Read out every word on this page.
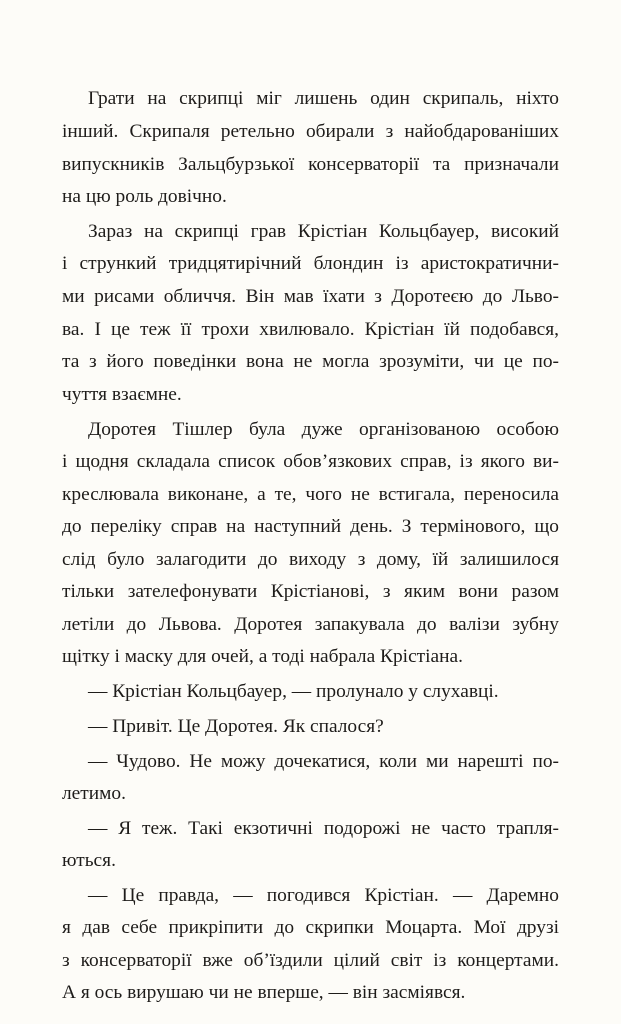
Грати на скрипці міг лишень один скрипаль, ніхто
інший. Скрипаля ретельно обирали з найобдарованіших
випускників Зальцбурзької консерваторії та призначали
на цю роль довічно.
Зараз на скрипці грав Крістіан Кольцбауер, високий
і стрункий тридцятирічний блондин із аристократични-
ми рисами обличчя. Він мав їхати з Доротеєю до Льво-
ва. І це теж її трохи хвилювало. Крістіан їй подобався,
та з його поведінки вона не могла зрозуміти, чи це по-
чуття взаємне.
Доротея Тішлер була дуже організованою особою
і щодня складала список обов’язкових справ, із якого ви-
креслювала виконане, а те, чого не встигала, переносила
до переліку справ на наступний день. З термінового, що
слід було залагодити до виходу з дому, їй залишилося
тільки зателефонувати Крістіанові, з яким вони разом
летіли до Львова. Доротея запакувала до валізи зубну
щітку і маску для очей, а тоді набрала Крістіана.
— Крістіан Кольцбауер, — пролунало у слухавці.
— Привіт. Це Доротея. Як спалося?
— Чудово. Не можу дочекатися, коли ми нарешті по-
летимо.
— Я теж. Такі екзотичні подорожі не часто трапля-
ються.
— Це правда, — погодився Крістіан. — Даремно
я дав себе прикріпити до скрипки Моцарта. Мої друзі
з консерваторії вже об’їздили цілий світ із концертами.
А я ось вирушаю чи не вперше, — він засміявся.
